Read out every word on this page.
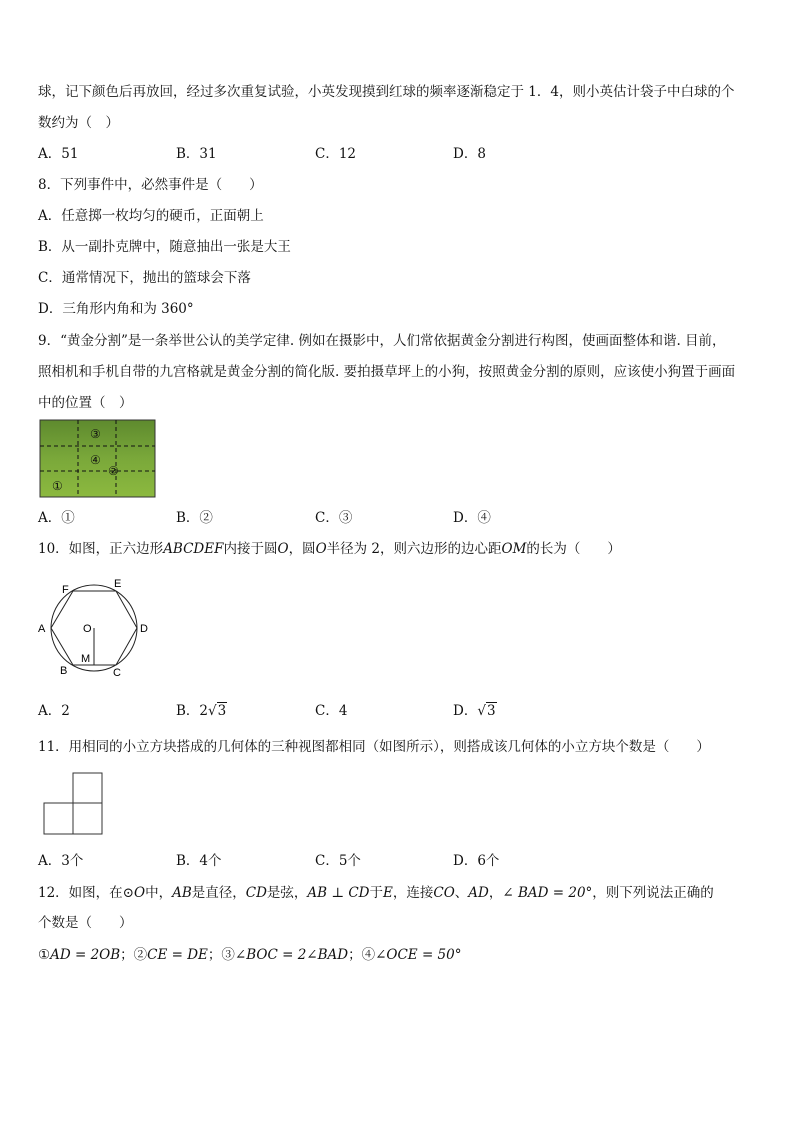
球，记下颜色后再放回，经过多次重复试验，小英发现摸到红球的频率逐渐稳定于 1．4，则小英估计袋子中白球的个
数约为（　）
A．51	B．31	C．12	D．8
8．下列事件中，必然事件是（　　）
A．任意掷一枚均匀的硬币，正面朝上
B．从一副扑克牌中，随意抽出一张是大王
C．通常情况下，抛出的篮球会下落
D．三角形内角和为 360°
9．“黄金分割”是一条举世公认的美学定律. 例如在摄影中，人们常依据黄金分割进行构图，使画面整体和谐. 目前，
照相机和手机自带的九宫格就是黄金分割的简化版. 要拍摄草坪上的小狗，按照黄金分割的原则，应该使小狗置于画面
中的位置（　）
③
④
②
①
A．①	B．②	C．③	D．④
10．如图，正六边形ABCDEF内接于圆O，圆O半径为 2，则六边形的边心距OM的长为（　　）
A
B	C
D
E
F
O
M
A．2	B．2√3	C．4	D．√3
11．用相同的小立方块搭成的几何体的三种视图都相同（如图所示），则搭成该几何体的小立方块个数是（　　）
A．3个	B．4个	C．5个	D．6个
12．如图，在⊙O中，AB是直径，CD是弦，AB ⊥ CD于E，连接CO、AD，∠ BAD = 20°，则下列说法正确的
个数是（　　）
①AD = 2OB；②CE = DE；③∠BOC = 2∠BAD；④∠OCE = 50°
